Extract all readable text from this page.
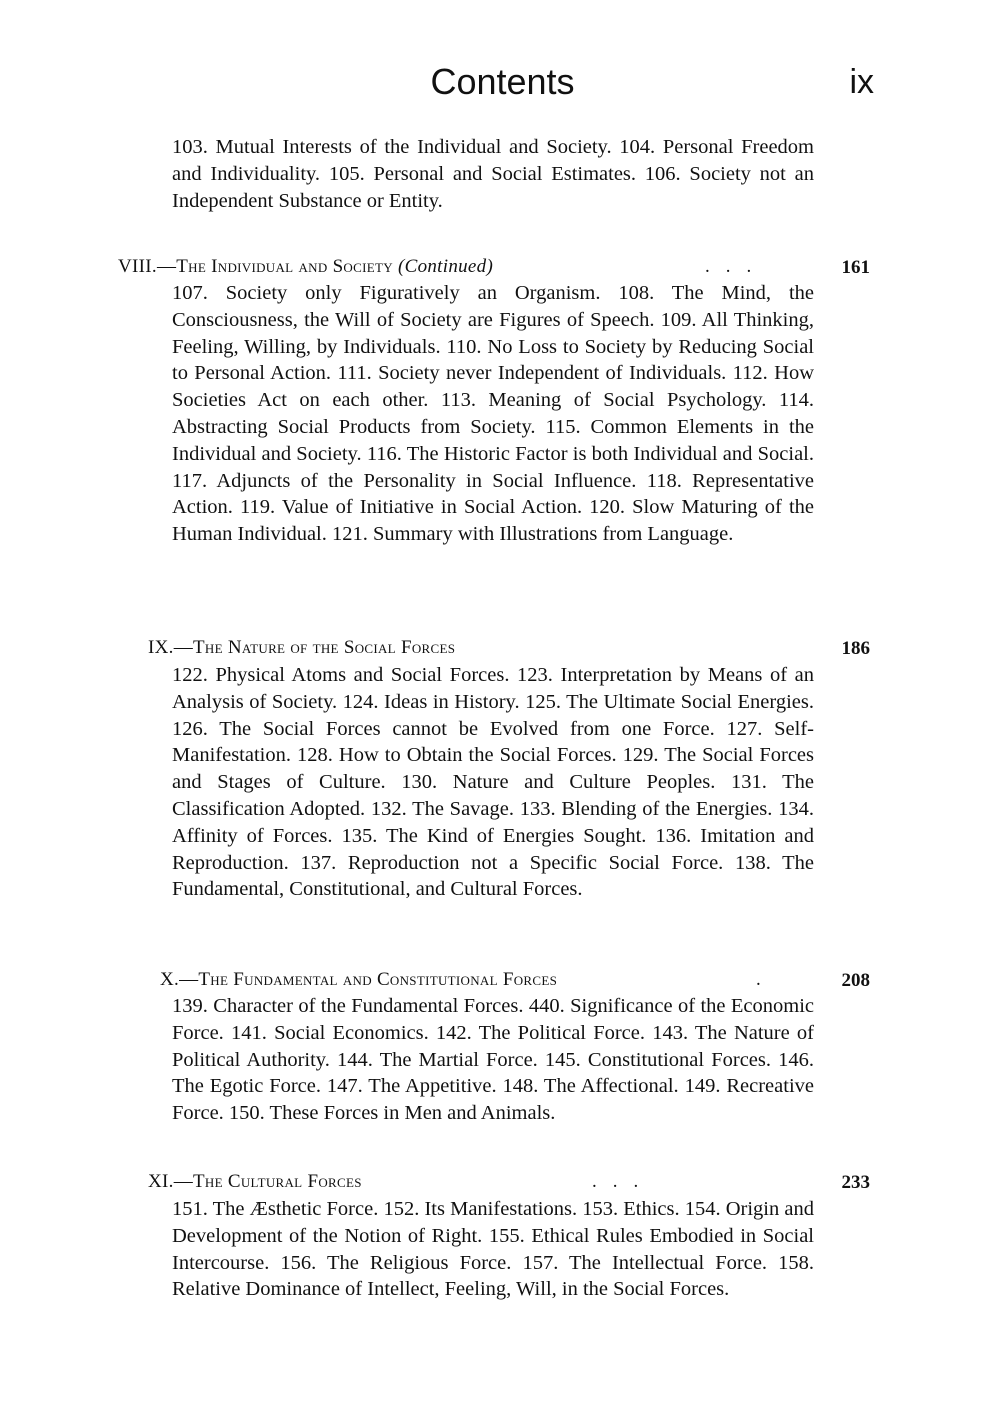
Contents	ix

103. Mutual Interests of the Individual and Society. 104. Personal Freedom and Individuality. 105. Personal and Social Estimates. 106. Society not an Independent Substance or Entity.

VIII.—The Individual and Society (Continued)	...	161

107. Society only Figuratively an Organism. 108. The Mind, the Consciousness, the Will of Society are Figures of Speech. 109. All Thinking, Feeling, Willing, by Individuals. 110. No Loss to Society by Reducing Social to Personal Action. 111. Society never Independent of Individuals. 112. How Societies Act on each other. 113. Meaning of Social Psychology. 114. Abstracting Social Products from Society. 115. Common Elements in the Individual and Society. 116. The Historic Factor is both Individual and Social. 117. Adjuncts of the Personality in Social Influence. 118. Representative Action. 119. Value of Initiative in Social Action. 120. Slow Maturing of the Human Individual. 121. Summary with Illustrations from Language.

IX.—The Nature of the Social Forces	186

122. Physical Atoms and Social Forces. 123. Interpretation by Means of an Analysis of Society. 124. Ideas in History. 125. The Ultimate Social Energies. 126. The Social Forces cannot be Evolved from one Force. 127. Self-Manifestation. 128. How to Obtain the Social Forces. 129. The Social Forces and Stages of Culture. 130. Nature and Culture Peoples. 131. The Classification Adopted. 132. The Savage. 133. Blending of the Energies. 134. Affinity of Forces. 135. The Kind of Energies Sought. 136. Imitation and Reproduction. 137. Reproduction not a Specific Social Force. 138. The Fundamental, Constitutional, and Cultural Forces.

X.—The Fundamental and Constitutional Forces	.	208

139. Character of the Fundamental Forces. 440. Significance of the Economic Force. 141. Social Economics. 142. The Political Force. 143. The Nature of Political Authority. 144. The Martial Force. 145. Constitutional Forces. 146. The Egotic Force. 147. The Appetitive. 148. The Affectional. 149. Recreative Force. 150. These Forces in Men and Animals.

XI.—The Cultural Forces	...	233

151. The Æsthetic Force. 152. Its Manifestations. 153. Ethics. 154. Origin and Development of the Notion of Right. 155. Ethical Rules Embodied in Social Intercourse. 156. The Religious Force. 157. The Intellectual Force. 158. Relative Dominance of Intellect, Feeling, Will, in the Social Forces.
